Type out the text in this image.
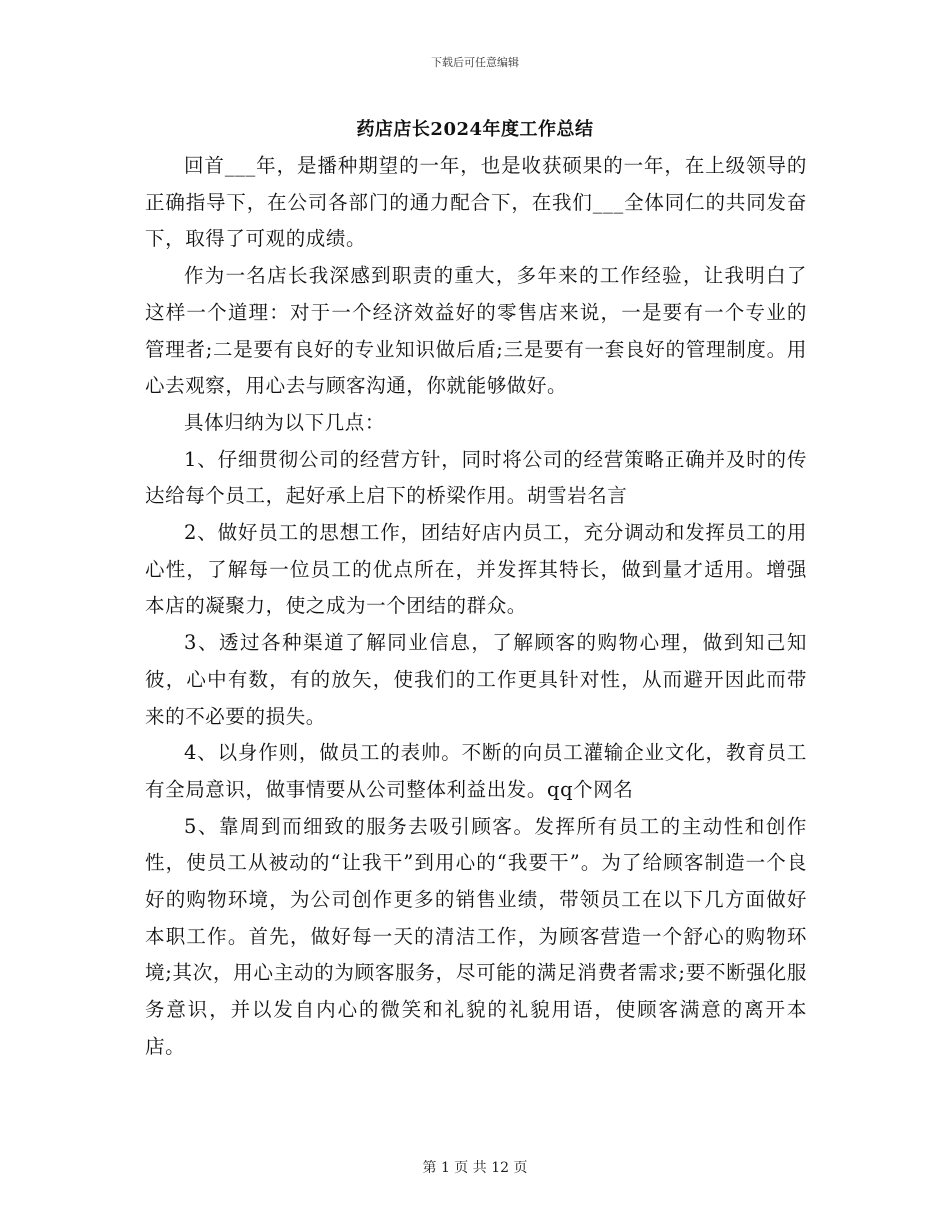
下载后可任意编辑
药店店长2024年度工作总结

回首___年，是播种期望的一年，也是收获硕果的一年，在上级领导的正确指导下，在公司各部门的通力配合下，在我们___全体同仁的共同发奋下，取得了可观的成绩。

作为一名店长我深感到职责的重大，多年来的工作经验，让我明白了这样一个道理：对于一个经济效益好的零售店来说，一是要有一个专业的管理者;二是要有良好的专业知识做后盾;三是要有一套良好的管理制度。用心去观察，用心去与顾客沟通，你就能够做好。

具体归纳为以下几点：

1、仔细贯彻公司的经营方针，同时将公司的经营策略正确并及时的传达给每个员工，起好承上启下的桥梁作用。胡雪岩名言

2、做好员工的思想工作，团结好店内员工，充分调动和发挥员工的用心性，了解每一位员工的优点所在，并发挥其特长，做到量才适用。增强本店的凝聚力，使之成为一个团结的群众。

3、透过各种渠道了解同业信息，了解顾客的购物心理，做到知己知彼，心中有数，有的放矢，使我们的工作更具针对性，从而避开因此而带来的不必要的损失。

4、以身作则，做员工的表帅。不断的向员工灌输企业文化，教育员工有全局意识，做事情要从公司整体利益出发。qq个网名

5、靠周到而细致的服务去吸引顾客。发挥所有员工的主动性和创作性，使员工从被动的“让我干”到用心的“我要干”。为了给顾客制造一个良好的购物环境，为公司创作更多的销售业绩，带领员工在以下几方面做好本职工作。首先，做好每一天的清洁工作，为顾客营造一个舒心的购物环境;其次，用心主动的为顾客服务，尽可能的满足消费者需求;要不断强化服务意识，并以发自内心的微笑和礼貌的礼貌用语，使顾客满意的离开本店。

第 1 页 共 12 页
